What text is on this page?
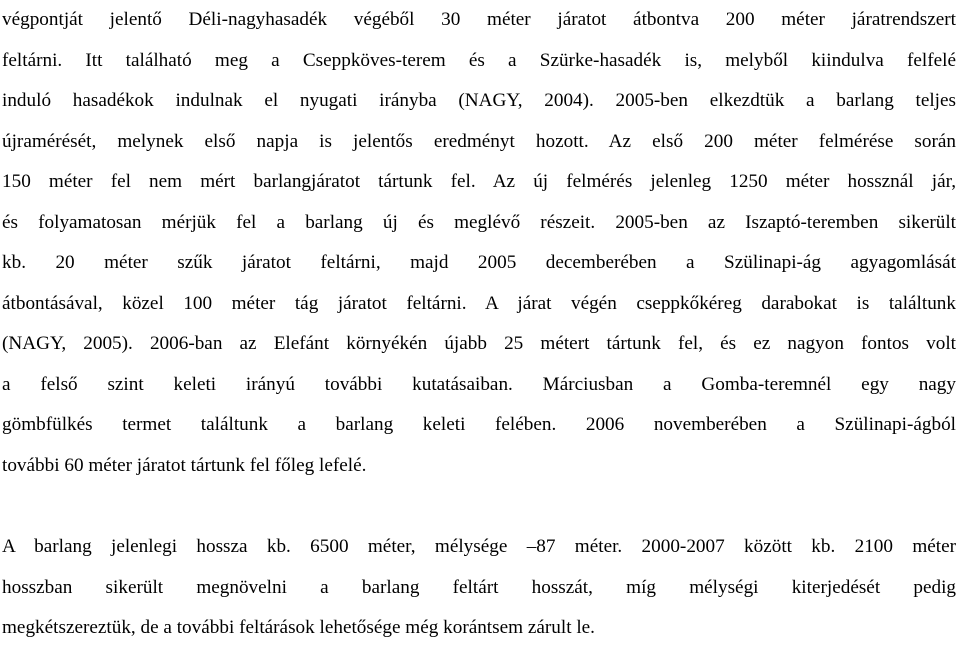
végpontját jelentő Déli-nagyhasadék végéből 30 méter járatot átbontva 200 méter járatrendszert
feltárni. Itt található meg a Cseppköves-terem és a Szürke-hasadék is, melyből kiindulva felfelé
induló hasadékok indulnak el nyugati irányba (NAGY, 2004). 2005-ben elkezdtük a barlang teljes
újramérését, melynek első napja is jelentős eredményt hozott. Az első 200 méter felmérése során
150 méter fel nem mért barlangjáratot tártunk fel. Az új felmérés jelenleg 1250 méter hossznál jár,
és folyamatosan mérjük fel a barlang új és meglévő részeit. 2005-ben az Iszaptó-teremben sikerült
kb. 20 méter szűk járatot feltárni, majd 2005 decemberében a Szülinapi-ág agyagomlását
átbontásával, közel 100 méter tág járatot feltárni. A járat végén cseppkőkéreg darabokat is találtunk
(NAGY, 2005). 2006-ban az Elefánt környékén újabb 25 métert tártunk fel, és ez nagyon fontos volt
a felső szint keleti irányú további kutatásaiban. Márciusban a Gomba-teremnél egy nagy
gömbfülkés termet találtunk a barlang keleti felében. 2006 novemberében a Szülinapi-ágból
további 60 méter járatot tártunk fel főleg lefelé.
A barlang jelenlegi hossza kb. 6500 méter, mélysége –87 méter. 2000-2007 között kb. 2100 méter
hosszban sikerült megnövelni a barlang feltárt hosszát, míg mélységi kiterjedését pedig
megkétszereztük, de a további feltárások lehetősége még korántsem zárult le.
